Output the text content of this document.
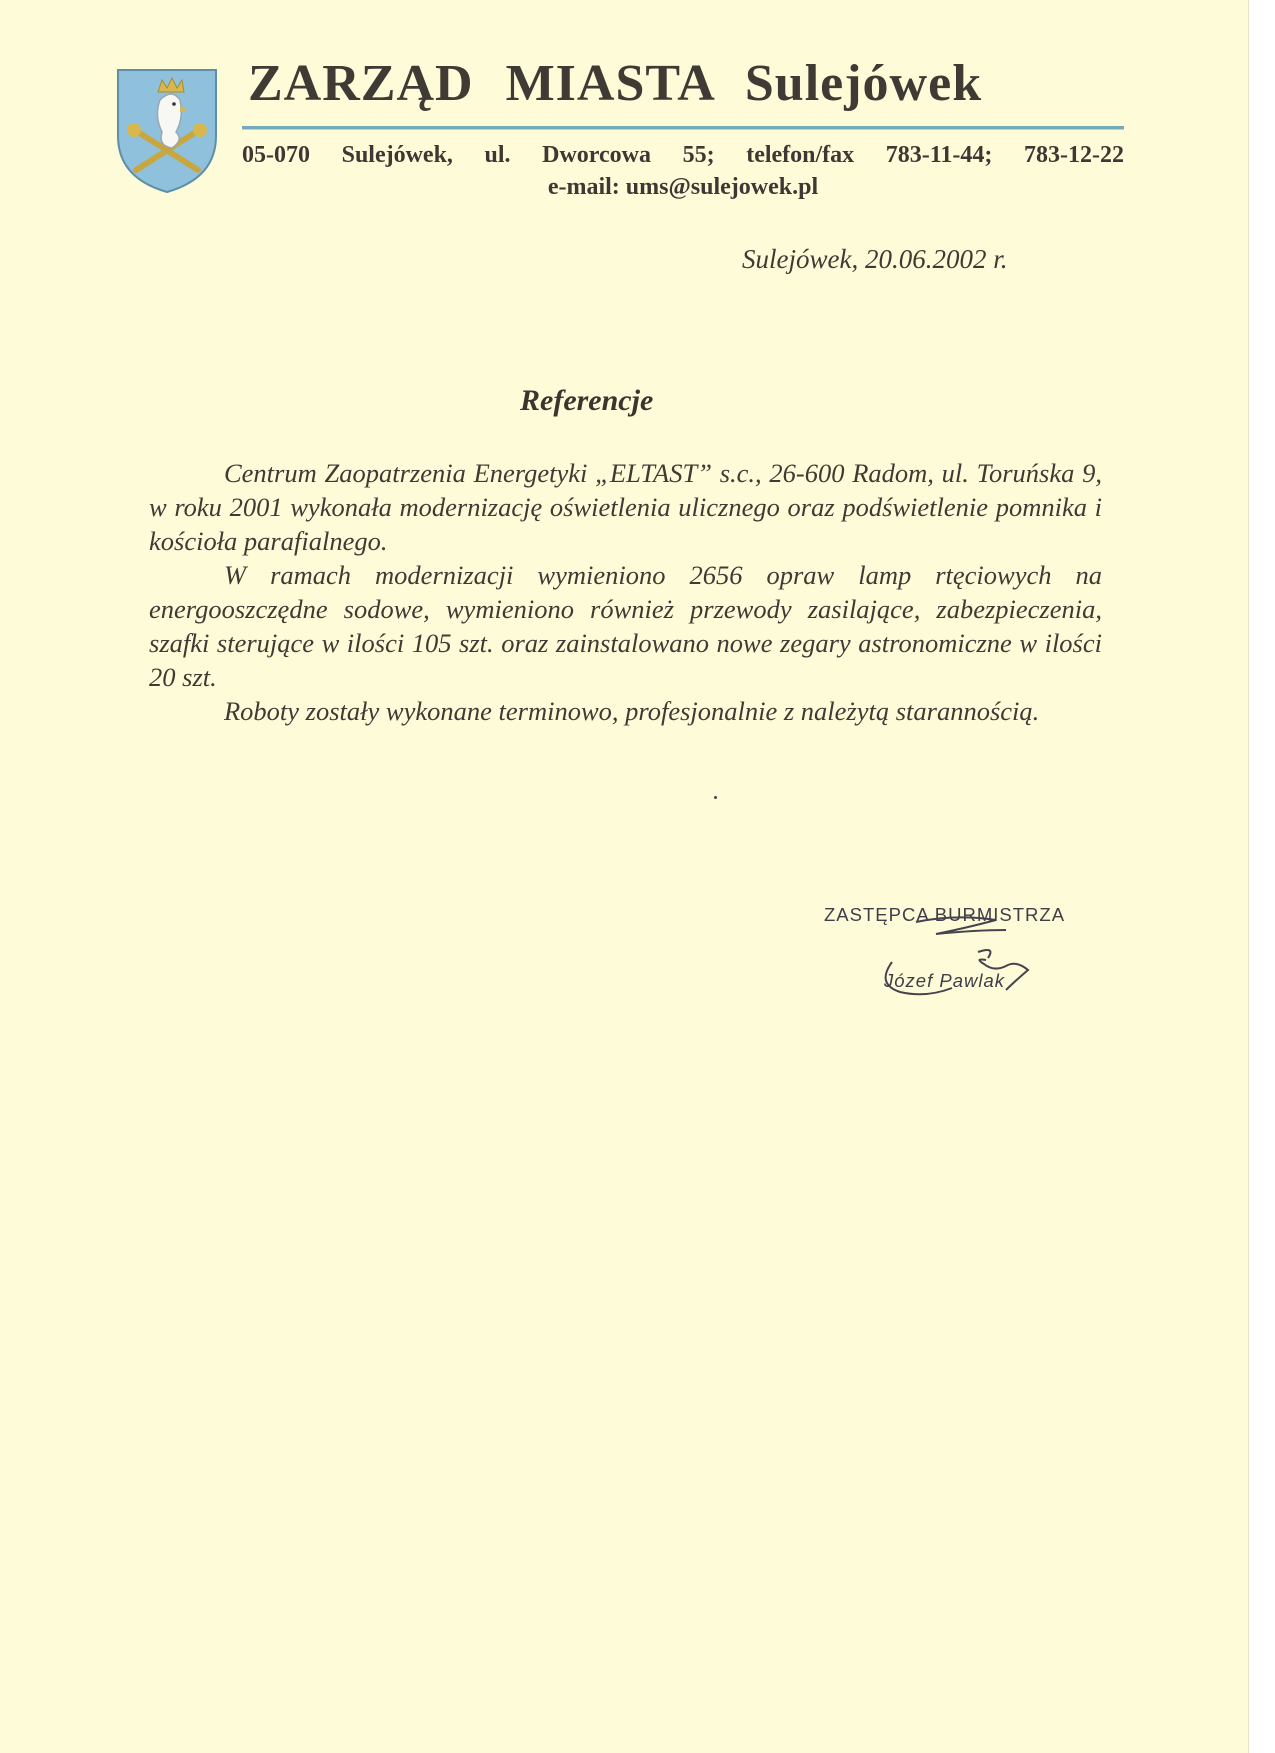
ZARZĄD MIASTA Sulejówek
05-070 Sulejówek, ul. Dworcowa 55; telefon/fax 783-11-44; 783-12-22
e-mail: ums@sulejowek.pl
Sulejówek, 20.06.2002 r.
Referencje

Centrum Zaopatrzenia Energetyki „ELTAST” s.c., 26-600 Radom, ul. Toruńska 9, w roku 2001 wykonała modernizację oświetlenia ulicznego oraz podświetlenie pomnika i kościoła parafialnego.

W ramach modernizacji wymieniono 2656 opraw lamp rtęciowych na energooszczędne sodowe, wymieniono również przewody zasilające, zabezpieczenia, szafki sterujące w ilości 105 szt. oraz zainstalowano nowe zegary astronomiczne w ilości 20 szt.

Roboty zostały wykonane terminowo, profesjonalnie z należytą starannością.

ZASTĘPCA BURMISTRZA
Józef Pawlak
